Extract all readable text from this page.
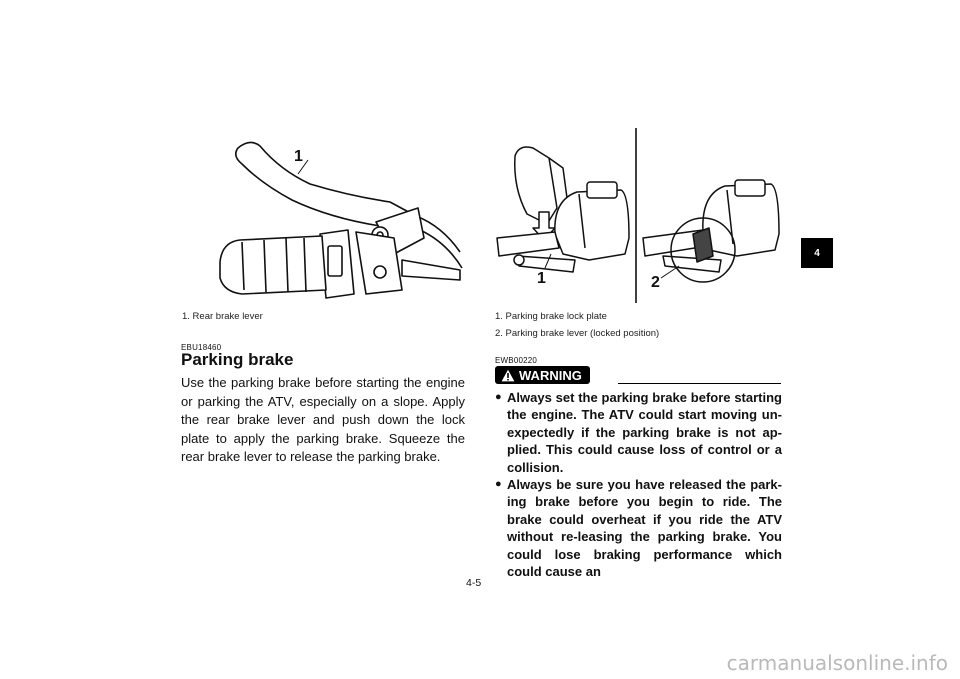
1
1. Rear brake lever
EBU18460
Parking brake
Use the parking brake before starting the engine or parking the ATV, especially on a slope. Apply the rear brake lever and push down the lock plate to apply the parking brake. Squeeze the rear brake lever to release the parking brake.
1	2
1. Parking brake lock plate
2. Parking brake lever (locked position)
EWB00220
WARNING
● Always set the parking brake before starting the engine. The ATV could start moving un-expectedly if the parking brake is not ap-plied. This could cause loss of control or a collision.
● Always be sure you have released the park-ing brake before you begin to ride. The brake could overheat if you ride the ATV without re-leasing the parking brake. You could lose braking performance which could cause an
4-5
4
carmanualsonline.info
